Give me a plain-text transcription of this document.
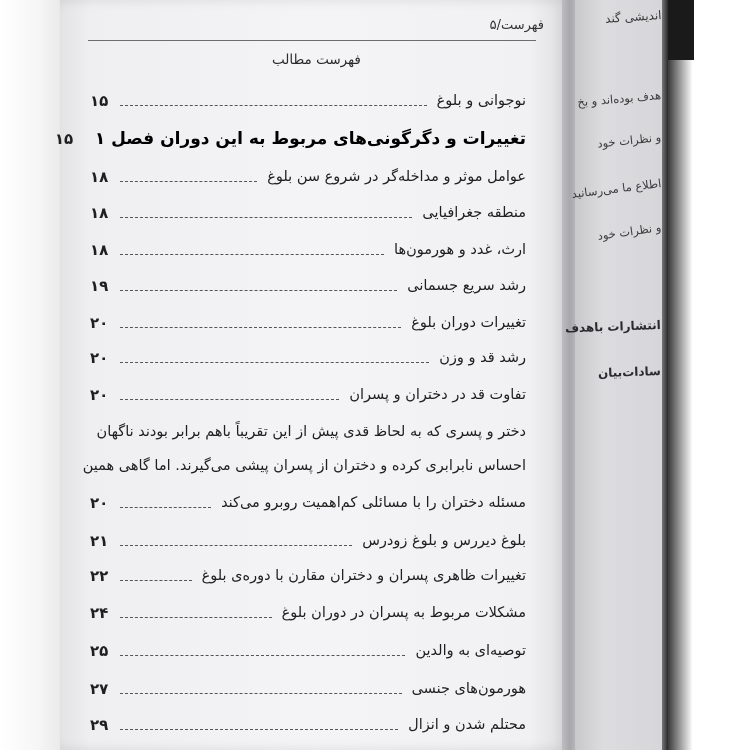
اندیشی گند
هدف بوده‌اند و بخ
و نظرات خود
اطلاع ما می‌رسانید
و نظرات خود
انتشارات باهدف
سادات‌بیان
فهرست/۵
فهرست مطالب
نوجوانی و بلوغ
۱۵
تغییرات و دگرگونی‌های مربوط به این دوران فصل ۱
۱۵
عوامل موثر و مداخله‌گر در شروع سن بلوغ
۱۸
منطقه جغرافیایی
۱۸
ارث، غدد و هورمون‌ها
۱۸
رشد سریع جسمانی
۱۹
تغییرات دوران بلوغ
۲۰
رشد قد و وزن
۲۰
تفاوت قد در دختران و پسران
۲۰
دختر و پسری که به لحاظ قدی پیش از این تقریباً باهم برابر بودند ناگهان
احساس نابرابری کرده و دختران از پسران پیشی می‌گیرند. اما گاهی همین
مسئله دختران را با مسائلی کم‌اهمیت روبرو می‌کند
۲۰
بلوغ دیررس و بلوغ زودرس
۲۱
تغییرات ظاهری پسران و دختران مقارن با دوره‌ی بلوغ
۲۲
مشکلات مربوط به پسران در دوران بلوغ
۲۴
توصیه‌ای به والدین
۲۵
هورمون‌های جنسی
۲۷
محتلم شدن و انزال
۲۹
